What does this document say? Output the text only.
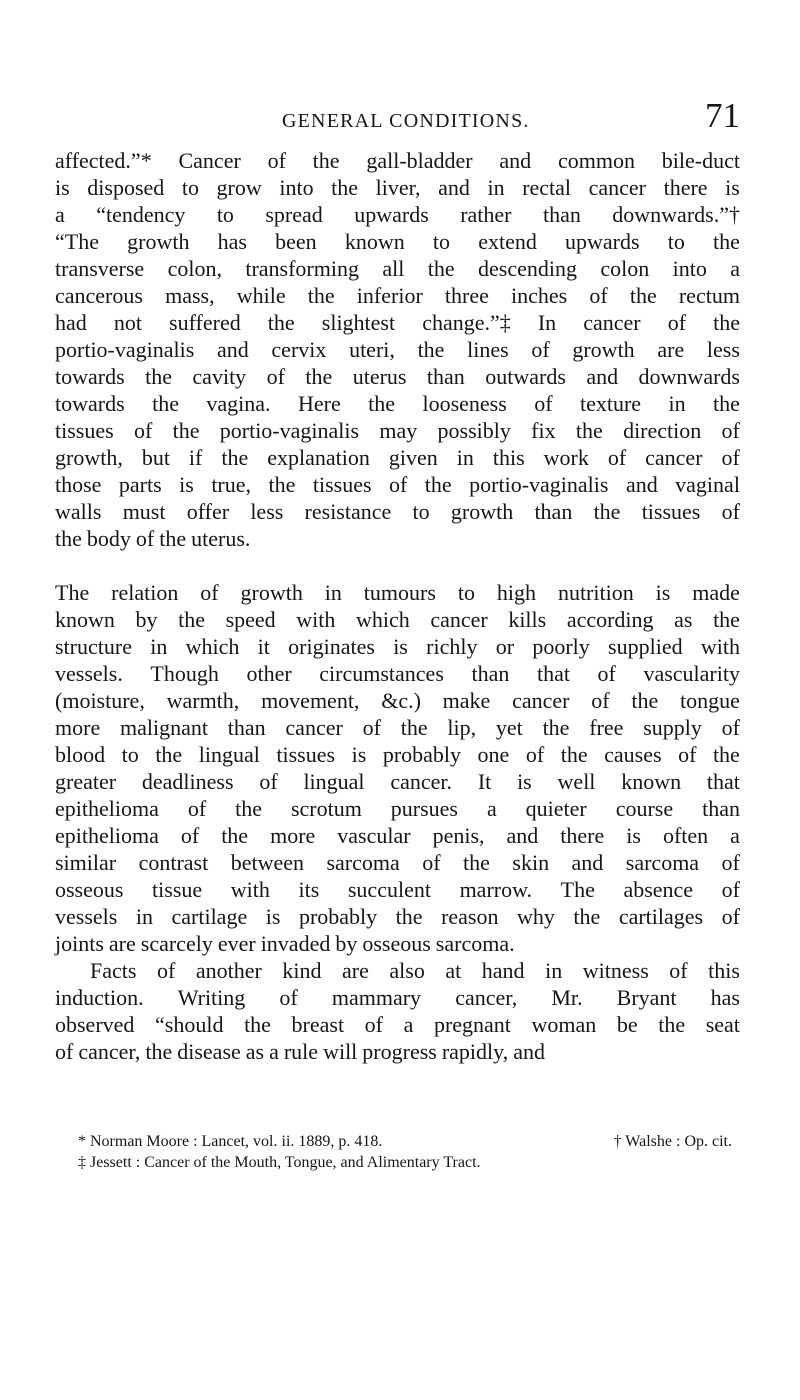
GENERAL CONDITIONS.	71
affected.”* Cancer of the gall-bladder and common bile-duct
is disposed to grow into the liver, and in rectal cancer there is
a “tendency to spread upwards rather than downwards.”†
“The growth has been known to extend upwards to the
transverse colon, transforming all the descending colon into a
cancerous mass, while the inferior three inches of the rectum
had not suffered the slightest change.”‡ In cancer of the
portio-vaginalis and cervix uteri, the lines of growth are less
towards the cavity of the uterus than outwards and downwards
towards the vagina. Here the looseness of texture in the
tissues of the portio-vaginalis may possibly fix the direction of
growth, but if the explanation given in this work of cancer of
those parts is true, the tissues of the portio-vaginalis and vaginal
walls must offer less resistance to growth than the tissues of
the body of the uterus.
The relation of growth in tumours to high nutrition is made
known by the speed with which cancer kills according as the
structure in which it originates is richly or poorly supplied with
vessels. Though other circumstances than that of vascularity
(moisture, warmth, movement, &c.) make cancer of the tongue
more malignant than cancer of the lip, yet the free supply of
blood to the lingual tissues is probably one of the causes of the
greater deadliness of lingual cancer. It is well known that
epithelioma of the scrotum pursues a quieter course than
epithelioma of the more vascular penis, and there is often a
similar contrast between sarcoma of the skin and sarcoma of
osseous tissue with its succulent marrow. The absence of
vessels in cartilage is probably the reason why the cartilages of
joints are scarcely ever invaded by osseous sarcoma.
Facts of another kind are also at hand in witness of this
induction. Writing of mammary cancer, Mr. Bryant has
observed “should the breast of a pregnant woman be the seat
of cancer, the disease as a rule will progress rapidly, and
* Norman Moore : Lancet, vol. ii. 1889, p. 418.	† Walshe : Op. cit.
‡ Jessett : Cancer of the Mouth, Tongue, and Alimentary Tract.
